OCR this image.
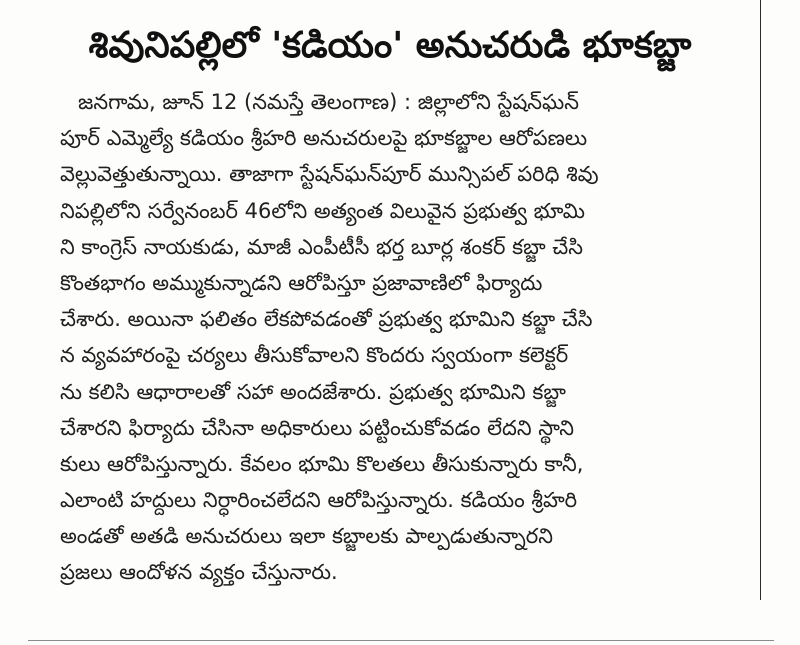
శివునిపల్లిలో 'కడియం' అనుచరుడి భూకబ్జా
జనగామ, జూన్ 12 (నమస్తే తెలంగాణ) : జిల్లాలోని స్టేషన్‌ఘన్
పూర్ ఎమ్మెల్యే కడియం శ్రీహరి అనుచరులపై భూకబ్జాల ఆరోపణలు
వెల్లువెత్తుతున్నాయి. తాజాగా స్టేషన్‌ఘన్‌పూర్ మున్సిపల్ పరిధి శివు
నిపల్లిలోని సర్వేనంబర్ 46లోని అత్యంత విలువైన ప్రభుత్వ భూమి
ని కాంగ్రెస్ నాయకుడు, మాజీ ఎంపీటీసీ భర్త బూర్ల శంకర్ కబ్జా చేసి
కొంతభాగం అమ్ముకున్నాడని ఆరోపిస్తూ ప్రజావాణిలో ఫిర్యాదు
చేశారు. అయినా ఫలితం లేకపోవడంతో ప్రభుత్వ భూమిని కబ్జా చేసి
న వ్యవహారంపై చర్యలు తీసుకోవాలని కొందరు స్వయంగా కలెక్టర్
ను కలిసి ఆధారాలతో సహా అందజేశారు. ప్రభుత్వ భూమిని కబ్జా
చేశారని ఫిర్యాదు చేసినా అధికారులు పట్టించుకోవడం లేదని స్థాని
కులు ఆరోపిస్తున్నారు. కేవలం భూమి కొలతలు తీసుకున్నారు కానీ,
ఎలాంటి హద్దులు నిర్ధారించలేదని ఆరోపిస్తున్నారు. కడియం శ్రీహరి
అండతో అతడి అనుచరులు ఇలా కబ్జాలకు పాల్పడుతున్నారని
ప్రజలు ఆందోళన వ్యక్తం చేస్తునారు.
